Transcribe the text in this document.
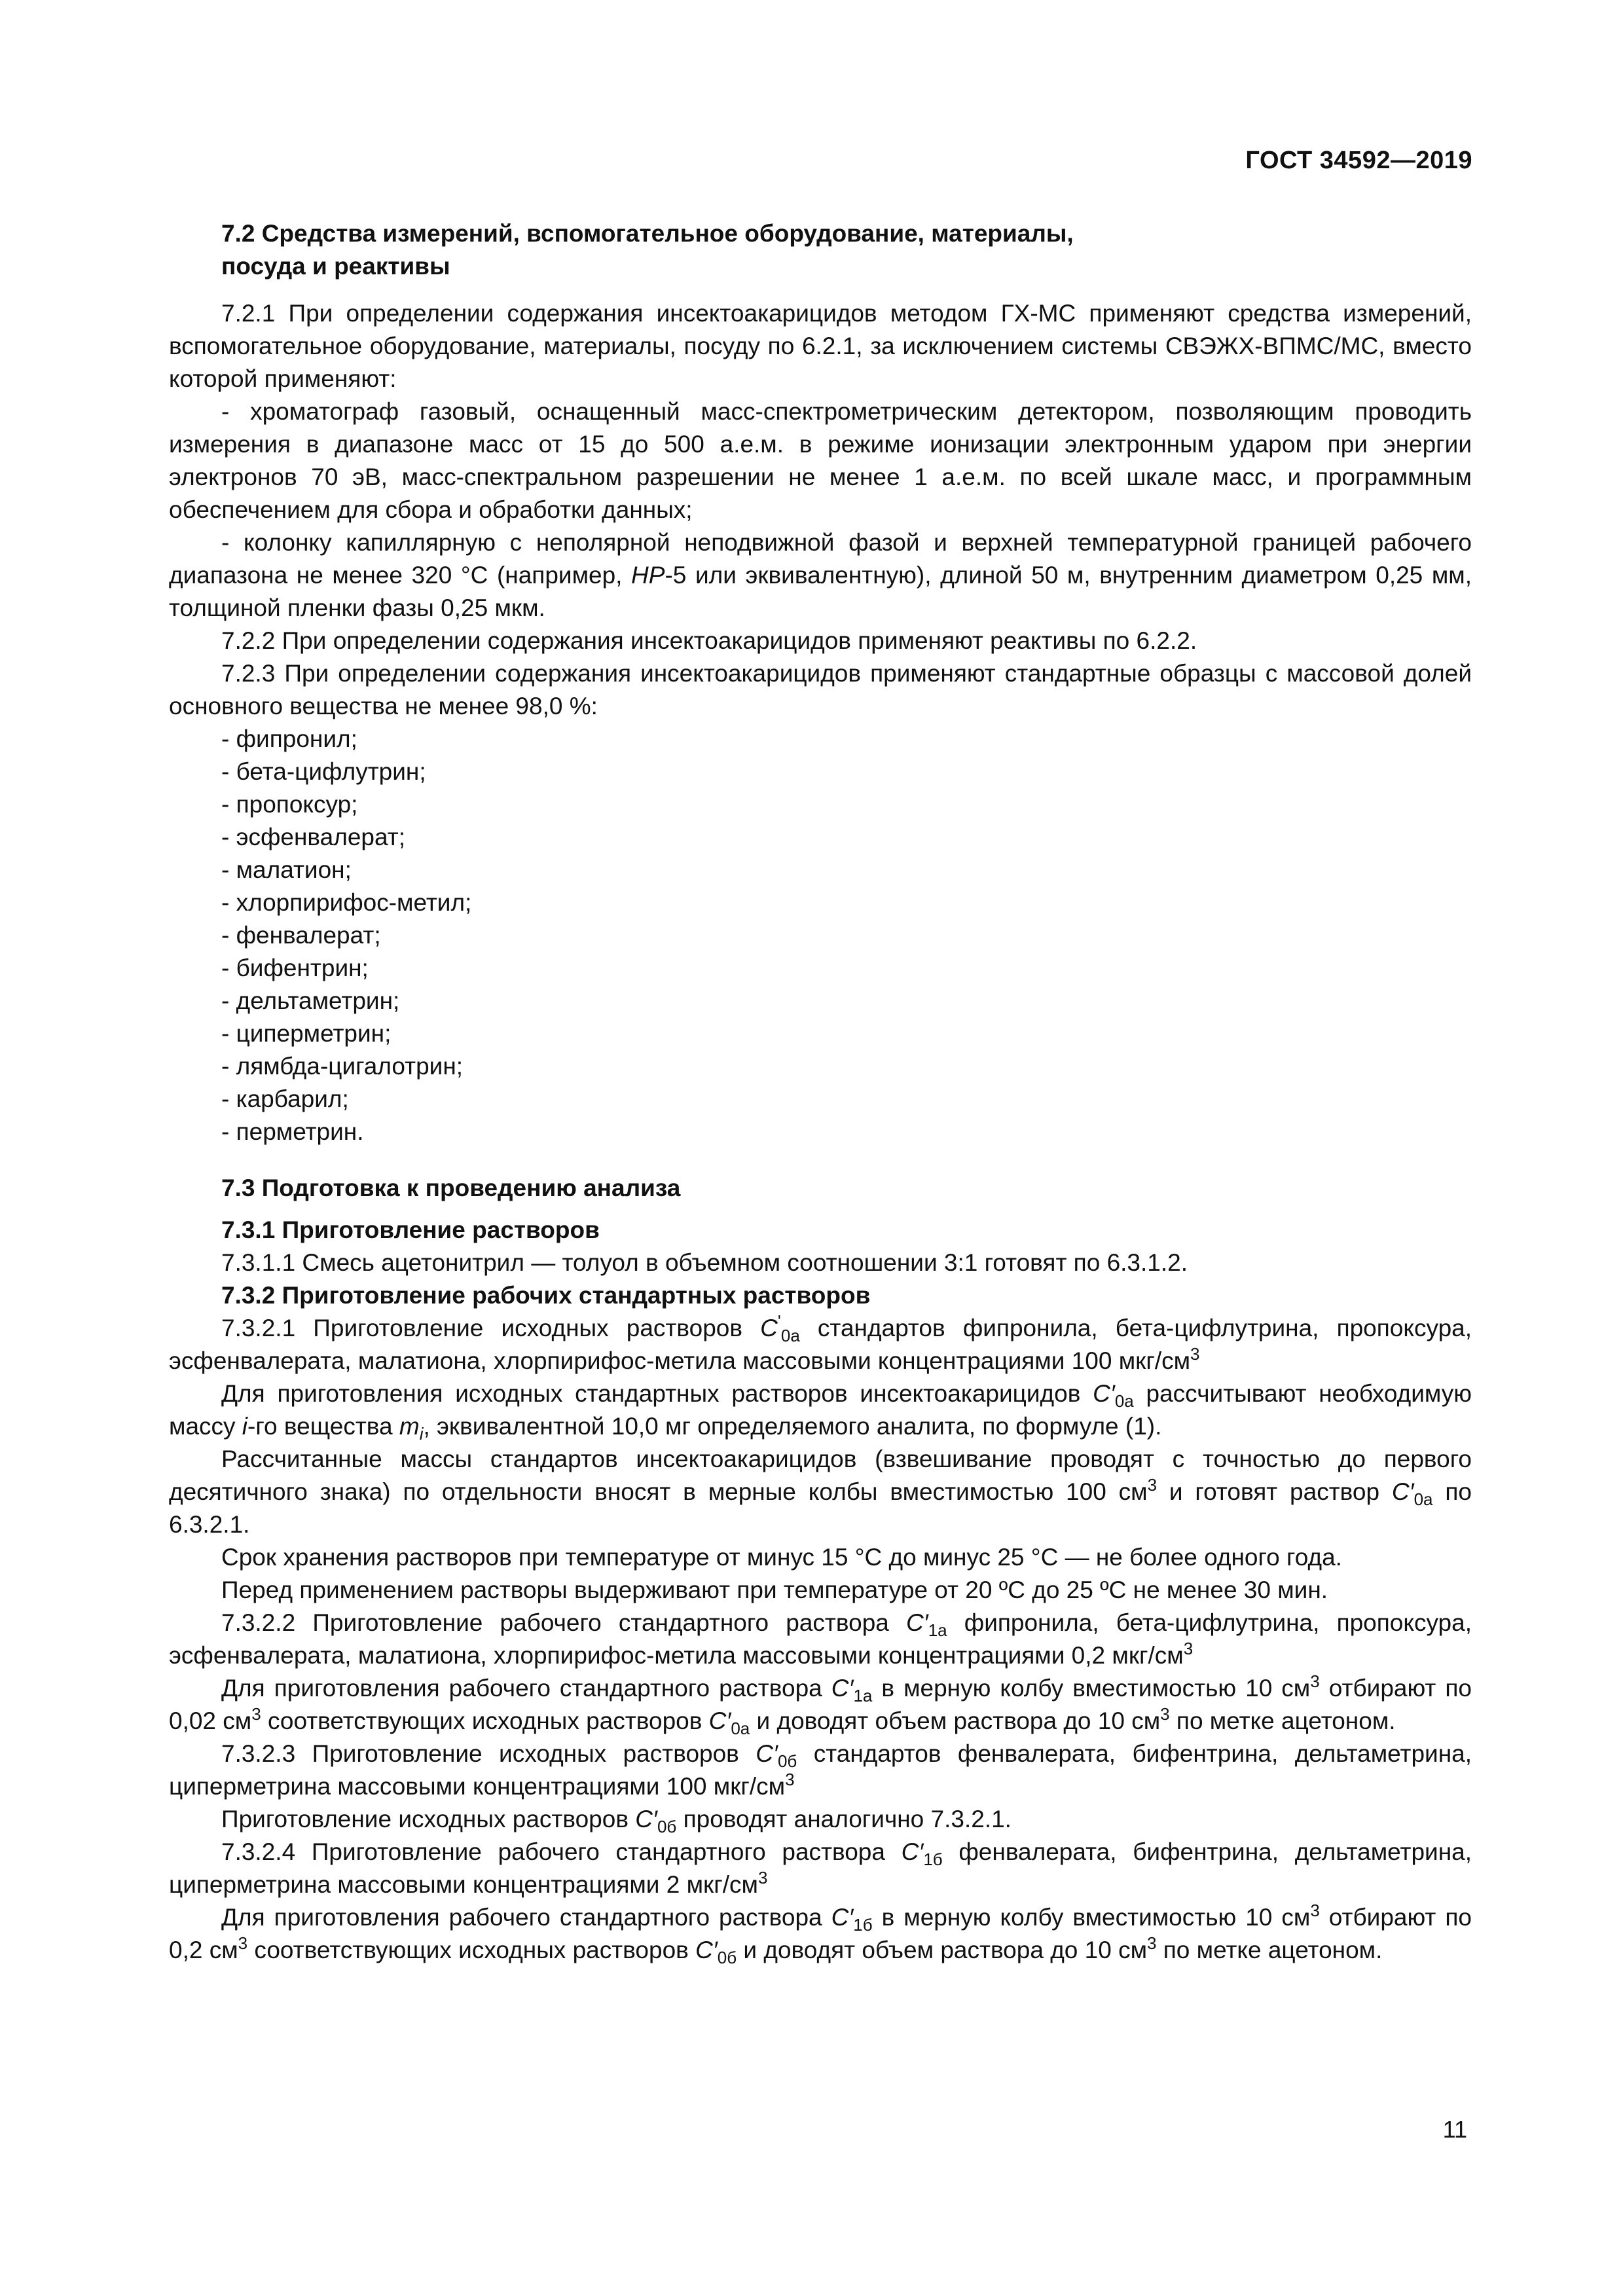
ГОСТ 34592—2019
7.2 Средства измерений, вспомогательное оборудование, материалы,
посуда и реактивы

7.2.1 При определении содержания инсектоакарицидов методом ГХ-МС применяют средства измерений, вспомогательное оборудование, материалы, посуду по 6.2.1, за исключением системы СВЭЖХ-ВПМС/МС, вместо которой применяют:

- хроматограф газовый, оснащенный масс-спектрометрическим детектором, позволяющим проводить измерения в диапазоне масс от 15 до 500 а.е.м. в режиме ионизации электронным ударом при энергии электронов 70 эВ, масс-спектральном разрешении не менее 1 а.е.м. по всей шкале масс, и программным обеспечением для сбора и обработки данных;

- колонку капиллярную с неполярной неподвижной фазой и верхней температурной границей рабочего диапазона не менее 320 °С (например, HP-5 или эквивалентную), длиной 50 м, внутренним диаметром 0,25 мм, толщиной пленки фазы 0,25 мкм.

7.2.2 При определении содержания инсектоакарицидов применяют реактивы по 6.2.2.

7.2.3 При определении содержания инсектоакарицидов применяют стандартные образцы с массовой долей основного вещества не менее 98,0 %:

- фипронил;
- бета-цифлутрин;
- пропоксур;
- эсфенвалерат;
- малатион;
- хлорпирифос-метил;
- фенвалерат;
- бифентрин;
- дельтаметрин;
- циперметрин;
- лямбда-цигалотрин;
- карбарил;
- перметрин.
7.3 Подготовка к проведению анализа
7.3.1 Приготовление растворов

7.3.1.1 Смесь ацетонитрил — толуол в объемном соотношении 3:1 готовят по 6.3.1.2.

7.3.2 Приготовление рабочих стандартных растворов

7.3.2.1 Приготовление исходных растворов $C'_{0а}$ стандартов фипронила, бета-цифлутрина, пропоксура, эсфенвалерата, малатиона, хлорпирифос-метила массовыми концентрациями 100 мкг/$см^3$

Для приготовления исходных стандартных растворов инсектоакарицидов $C'_{0а}$ рассчитывают необходимую массу i-го вещества $m_i$, эквивалентной 10,0 мг определяемого аналита, по формуле (1).

Рассчитанные массы стандартов инсектоакарицидов (взвешивание проводят с точностью до первого десятичного знака) по отдельности вносят в мерные колбы вместимостью 100 $см^3$ и готовят раствор $C'_{0а}$ по 6.3.2.1.

Срок хранения растворов при температуре от минус 15 °С до минус 25 °С — не более одного года.

Перед применением растворы выдерживают при температуре от 20 ºС до 25 ºС не менее 30 мин.

7.3.2.2 Приготовление рабочего стандартного раствора $C'_{1а}$ фипронила, бета-цифлутрина, пропоксура, эсфенвалерата, малатиона, хлорпирифос-метила массовыми концентрациями 0,2 мкг/$см^3$

Для приготовления рабочего стандартного раствора $C'_{1а}$ в мерную колбу вместимостью 10 $см^3$ отбирают по 0,02 $см^3$ соответствующих исходных растворов $C'_{0а}$ и доводят объем раствора до 10 $см^3$ по метке ацетоном.

7.3.2.3 Приготовление исходных растворов $C'_{0б}$ стандартов фенвалерата, бифентрина, дельтаметрина, циперметрина массовыми концентрациями 100 мкг/$см^3$

Приготовление исходных растворов $C'_{0б}$ проводят аналогично 7.3.2.1.

7.3.2.4 Приготовление рабочего стандартного раствора $C'_{1б}$ фенвалерата, бифентрина, дельтаметрина, циперметрина массовыми концентрациями 2 мкг/$см^3$

Для приготовления рабочего стандартного раствора $C'_{1б}$ в мерную колбу вместимостью 10 $см^3$ отбирают по 0,2 $см^3$ соответствующих исходных растворов $C'_{0б}$ и доводят объем раствора до 10 $см^3$ по метке ацетоном.

11
